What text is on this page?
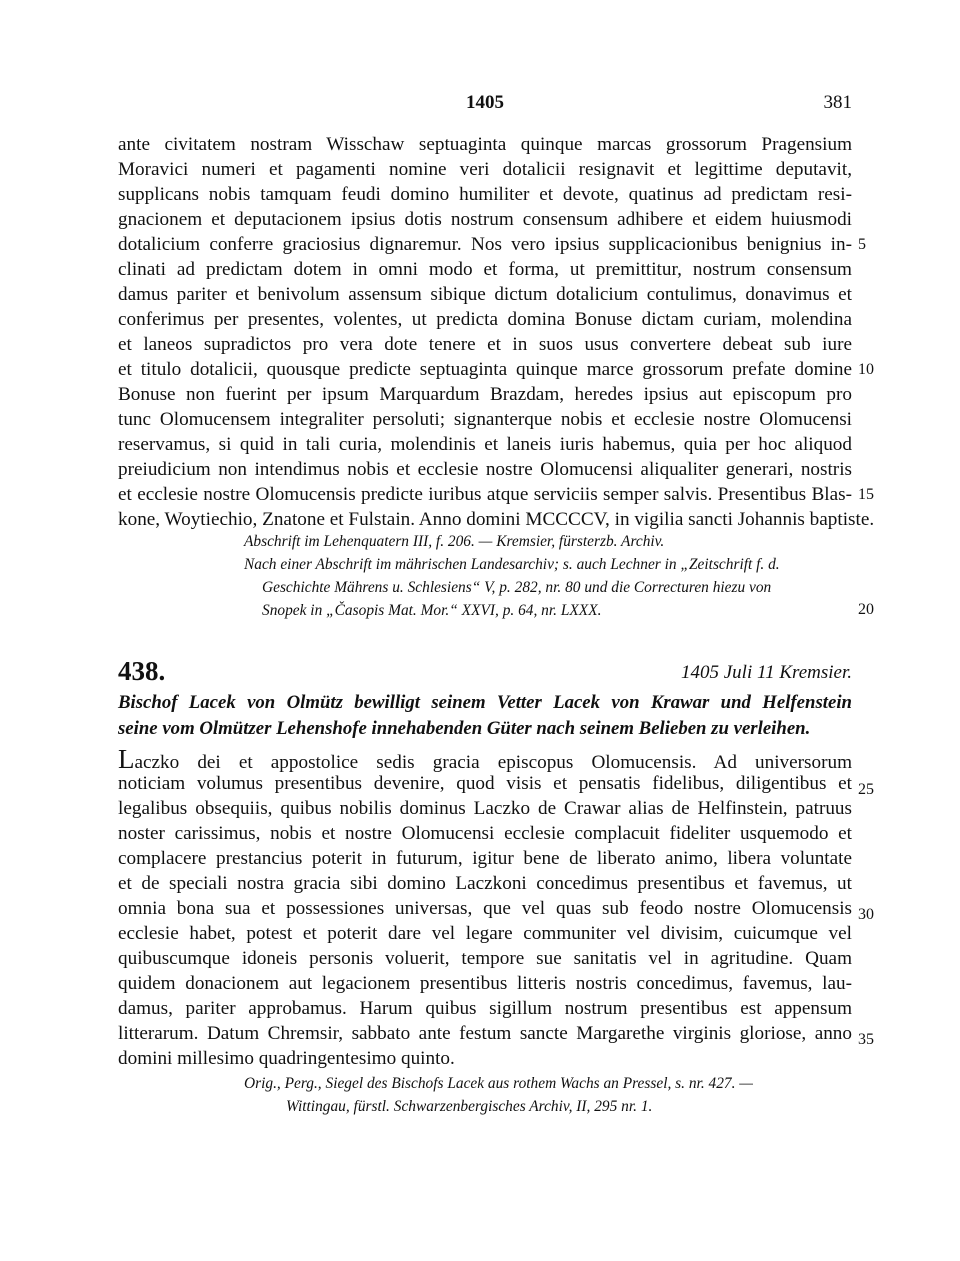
1405	381
ante civitatem nostram Wisschaw septuaginta quinque marcas grossorum Pragensium
Moravici numeri et pagamenti nomine veri dotalicii resignavit et legittime deputavit,
supplicans nobis tamquam feudi domino humiliter et devote, quatinus ad predictam resi-
gnacionem et deputacionem ipsius dotis nostrum consensum adhibere et eidem huiusmodi
dotalicium conferre graciosius dignaremur. Nos vero ipsius supplicacionibus benignius in-
clinati ad predictam dotem in omni modo et forma, ut premittitur, nostrum consensum
damus pariter et benivolum assensum sibique dictum dotalicium contulimus, donavimus et
conferimus per presentes, volentes, ut predicta domina Bonuse dictam curiam, molendina
et laneos supradictos pro vera dote tenere et in suos usus convertere debeat sub iure
et titulo dotalicii, quousque predicte septuaginta quinque marce grossorum prefate domine
Bonuse non fuerint per ipsum Marquardum Brazdam, heredes ipsius aut episcopum pro
tunc Olomucensem integraliter persoluti; signanterque nobis et ecclesie nostre Olomucensi
reservamus, si quid in tali curia, molendinis et laneis iuris habemus, quia per hoc aliquod
preiudicium non intendimus nobis et ecclesie nostre Olomucensi aliqualiter generari, nostris
et ecclesie nostre Olomucensis predicte iuribus atque serviciis semper salvis. Presentibus Blas-
kone, Woytiechio, Znatone et Fulstain. Anno domini MCCCCV, in vigilia sancti Johannis baptiste.
Abschrift im Lehenquatern III, f. 206. — Kremsier, fürsterzb. Archiv.
Nach einer Abschrift im mährischen Landesarchiv; s. auch Lechner in „Zeitschrift f. d.
Geschichte Mährens u. Schlesiens“ V, p. 282, nr. 80 und die Correcturen hiezu von
Snopek in „Časopis Mat. Mor.“ XXVI, p. 64, nr. LXXX.
5
10
15
20
25
30
35
438.	1405 Juli 11 Kremsier.
Bischof Lacek von Olmütz bewilligt seinem Vetter Lacek von Krawar und Helfenstein
seine vom Olmützer Lehenshofe innehabenden Güter nach seinem Belieben zu verleihen.
Laczko dei et appostolice sedis gracia episcopus Olomucensis. Ad universorum
noticiam volumus presentibus devenire, quod visis et pensatis fidelibus, diligentibus et
legalibus obsequiis, quibus nobilis dominus Laczko de Crawar alias de Helfinstein, patruus
noster carissimus, nobis et nostre Olomucensi ecclesie complacuit fideliter usquemodo et
complacere prestancius poterit in futurum, igitur bene de liberato animo, libera voluntate
et de speciali nostra gracia sibi domino Laczkoni concedimus presentibus et favemus, ut
omnia bona sua et possessiones universas, que vel quas sub feodo nostre Olomucensis
ecclesie habet, potest et poterit dare vel legare communiter vel divisim, cuicumque vel
quibuscumque idoneis personis voluerit, tempore sue sanitatis vel in agritudine. Quam
quidem donacionem aut legacionem presentibus litteris nostris concedimus, favemus, lau-
damus, pariter approbamus. Harum quibus sigillum nostrum presentibus est appensum
litterarum. Datum Chremsir, sabbato ante festum sancte Margarethe virginis gloriose, anno
domini millesimo quadringentesimo quinto.
Orig., Perg., Siegel des Bischofs Lacek aus rothem Wachs an Pressel, s. nr. 427. —
Wittingau, fürstl. Schwarzenbergisches Archiv, II, 295 nr. 1.
